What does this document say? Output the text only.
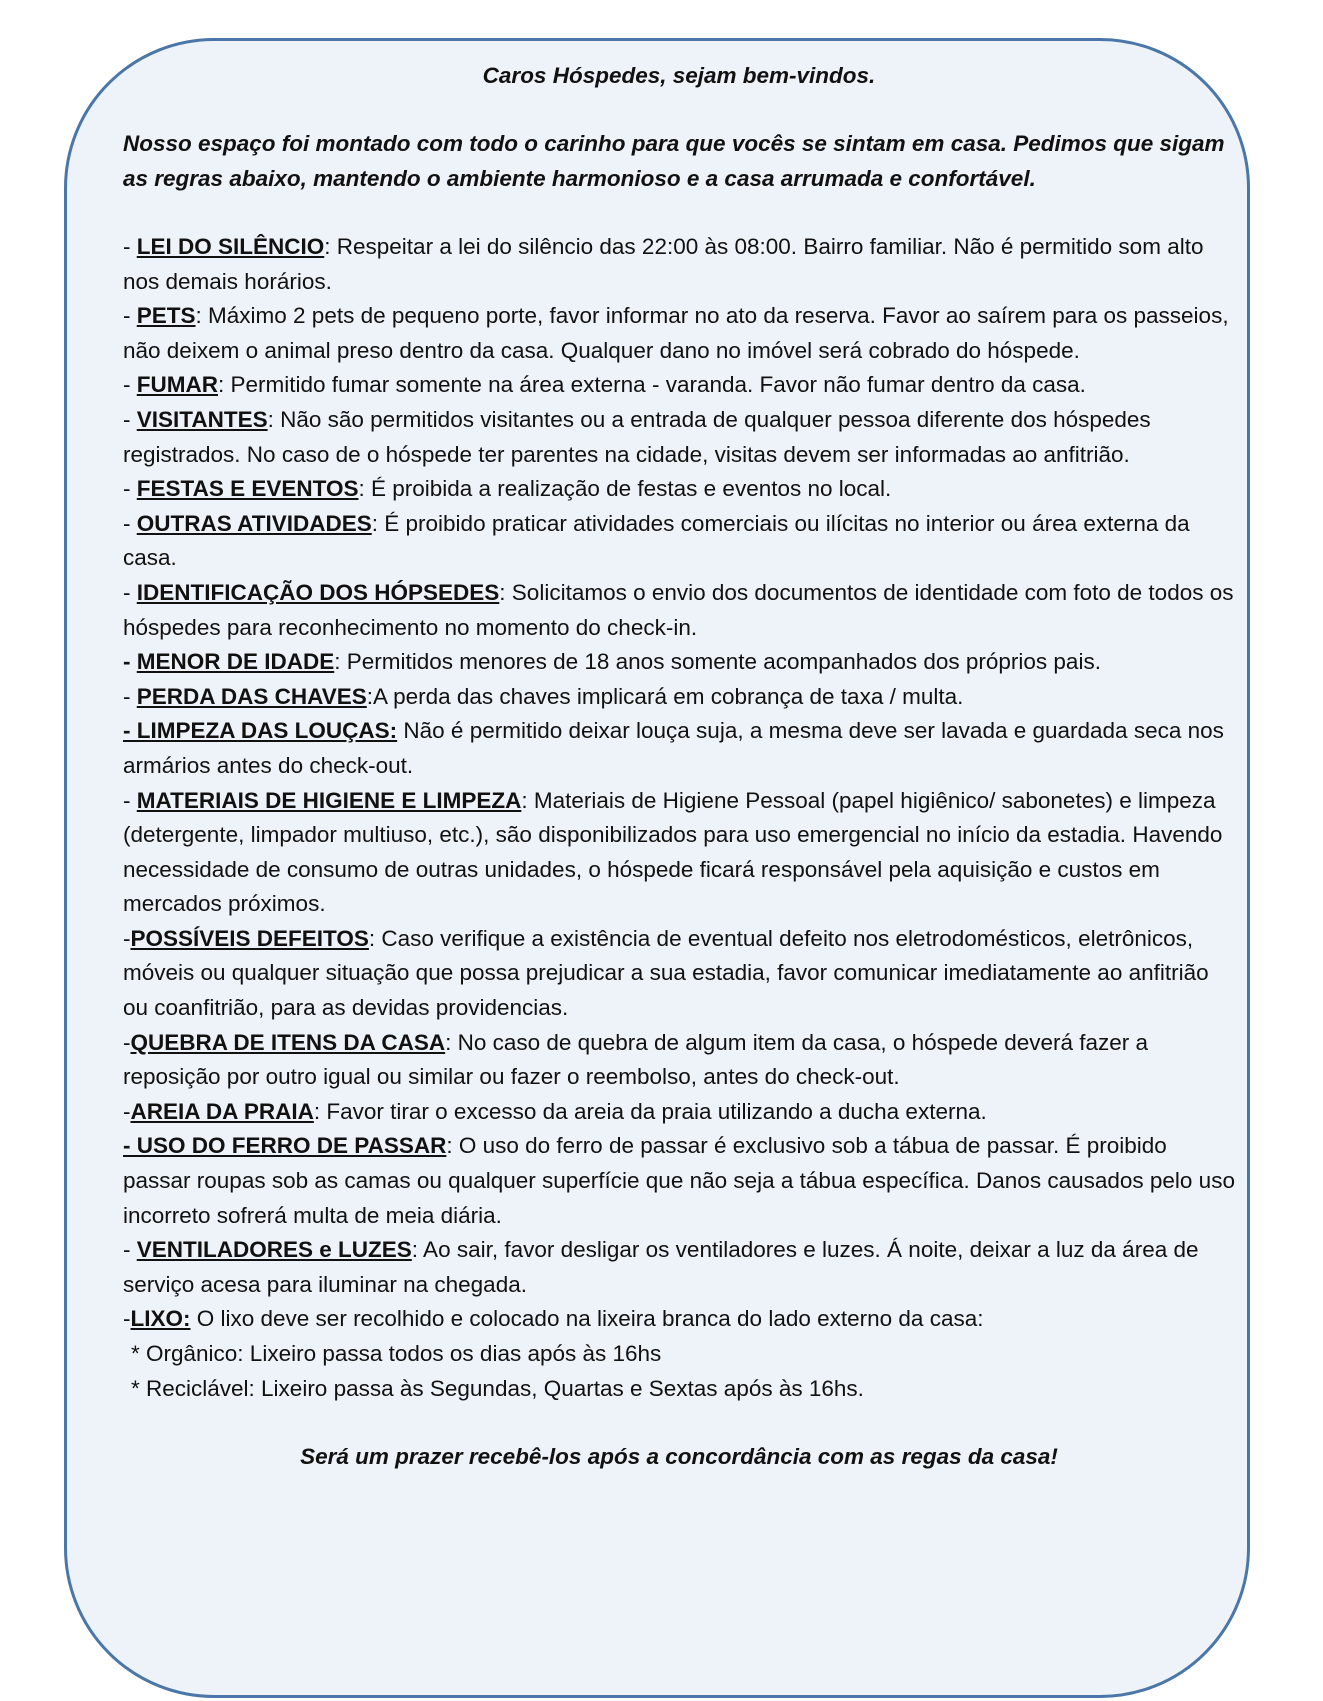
Caros Hóspedes, sejam bem-vindos.

Nosso espaço foi montado com todo o carinho para que vocês se sintam em casa. Pedimos que sigam as regras abaixo, mantendo o ambiente harmonioso e a casa arrumada e confortável.

- LEI DO SILÊNCIO: Respeitar a lei do silêncio das 22:00 às 08:00. Bairro familiar. Não é permitido som alto nos demais horários.

- PETS: Máximo 2 pets de pequeno porte, favor informar no ato da reserva. Favor ao saírem para os passeios, não deixem o animal preso dentro da casa. Qualquer dano no imóvel será cobrado do hóspede.

- FUMAR: Permitido fumar somente na área externa - varanda. Favor não fumar dentro da casa.

- VISITANTES: Não são permitidos visitantes ou a entrada de qualquer pessoa diferente dos hóspedes registrados. No caso de o hóspede ter parentes na cidade, visitas devem ser informadas ao anfitrião.

- FESTAS E EVENTOS: É proibida a realização de festas e eventos no local.

- OUTRAS ATIVIDADES: É proibido praticar atividades comerciais ou ilícitas no interior ou área externa da casa.

- IDENTIFICAÇÃO DOS HÓPSEDES: Solicitamos o envio dos documentos de identidade com foto de todos os hóspedes para reconhecimento no momento do check-in.

- MENOR DE IDADE: Permitidos menores de 18 anos somente acompanhados dos próprios pais.

- PERDA DAS CHAVES:A perda das chaves implicará em cobrança de taxa / multa.

- LIMPEZA DAS LOUÇAS: Não é permitido deixar louça suja, a mesma deve ser lavada e guardada seca nos armários antes do check-out.

- MATERIAIS DE HIGIENE E LIMPEZA: Materiais de Higiene Pessoal (papel higiênico/ sabonetes) e limpeza (detergente, limpador multiuso, etc.), são disponibilizados para uso emergencial no início da estadia. Havendo necessidade de consumo de outras unidades, o hóspede ficará responsável pela aquisição e custos em mercados próximos.

-POSSÍVEIS DEFEITOS: Caso verifique a existência de eventual defeito nos eletrodomésticos, eletrônicos, móveis ou qualquer situação que possa prejudicar a sua estadia, favor comunicar imediatamente ao anfitrião ou coanfitrião, para as devidas providencias.

-QUEBRA DE ITENS DA CASA: No caso de quebra de algum item da casa, o hóspede deverá fazer a reposição por outro igual ou similar ou fazer o reembolso, antes do check-out.

-AREIA DA PRAIA: Favor tirar o excesso da areia da praia utilizando a ducha externa.

- USO DO FERRO DE PASSAR: O uso do ferro de passar é exclusivo sob a tábua de passar. É proibido passar roupas sob as camas ou qualquer superfície que não seja a tábua específica. Danos causados pelo uso incorreto sofrerá multa de meia diária.

- VENTILADORES e LUZES: Ao sair, favor desligar os ventiladores e luzes. Á noite, deixar a luz da área de serviço acesa para iluminar na chegada.

-LIXO: O lixo deve ser recolhido e colocado na lixeira branca do lado externo da casa:

* Orgânico: Lixeiro passa todos os dias após às 16hs

* Reciclável: Lixeiro passa às Segundas, Quartas e Sextas após às 16hs.

Será um prazer recebê-los após a concordância com as regas da casa!
